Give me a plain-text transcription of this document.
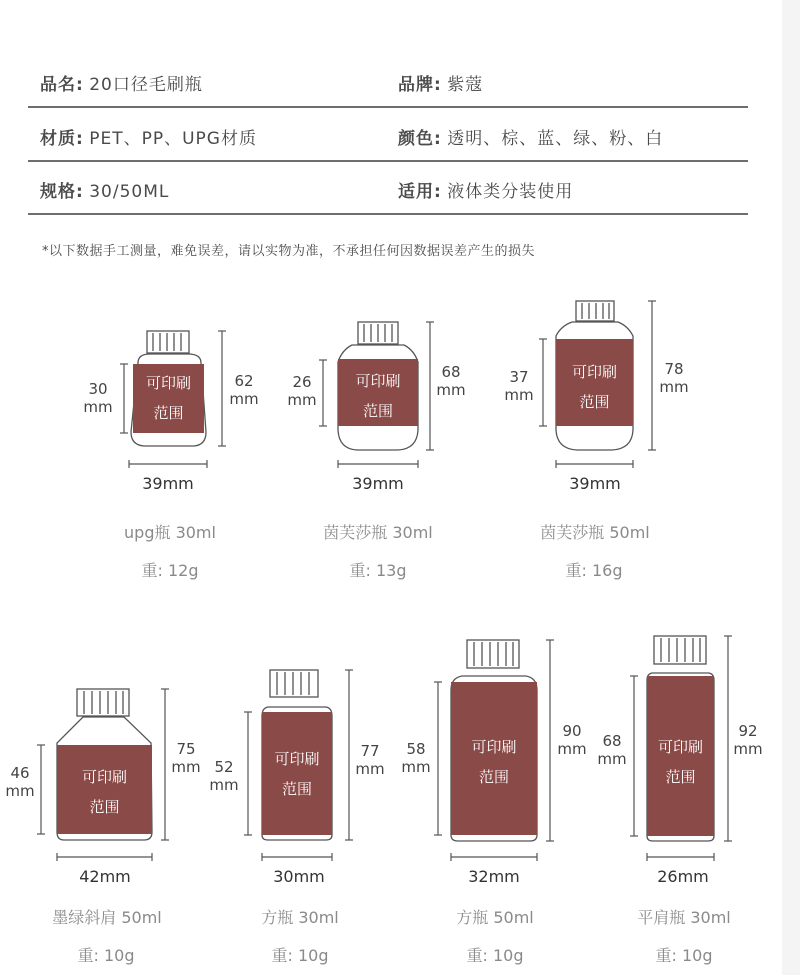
品名: 20口径毛刷瓶	品牌: 紫蔻
材质: PET、PP、UPG材质	颜色: 透明、棕、蓝、绿、粉、白
规格: 30/50ML	适用: 液体类分装使用
*以下数据手工测量，难免误差，请以实物为准，不承担任何因数据误差产生的损失
可印刷
范围
可印刷
范围
可印刷
范围
可印刷
范围
可印刷
范围
可印刷
范围
可印刷
范围
30
mm
62
mm
39mm
upg瓶 30ml
重: 12g
26
mm
68
mm
39mm
茵芙莎瓶 30ml
重: 13g
37
mm
78
mm
39mm
茵芙莎瓶 50ml
重: 16g
46
mm
75
mm
42mm
墨绿斜肩 50ml
重: 10g
52
mm
77
mm
30mm
方瓶 30ml
重: 10g
58
mm
90
mm
32mm
方瓶 50ml
重: 10g
68
mm
92
mm
26mm
平肩瓶 30ml
重: 10g
